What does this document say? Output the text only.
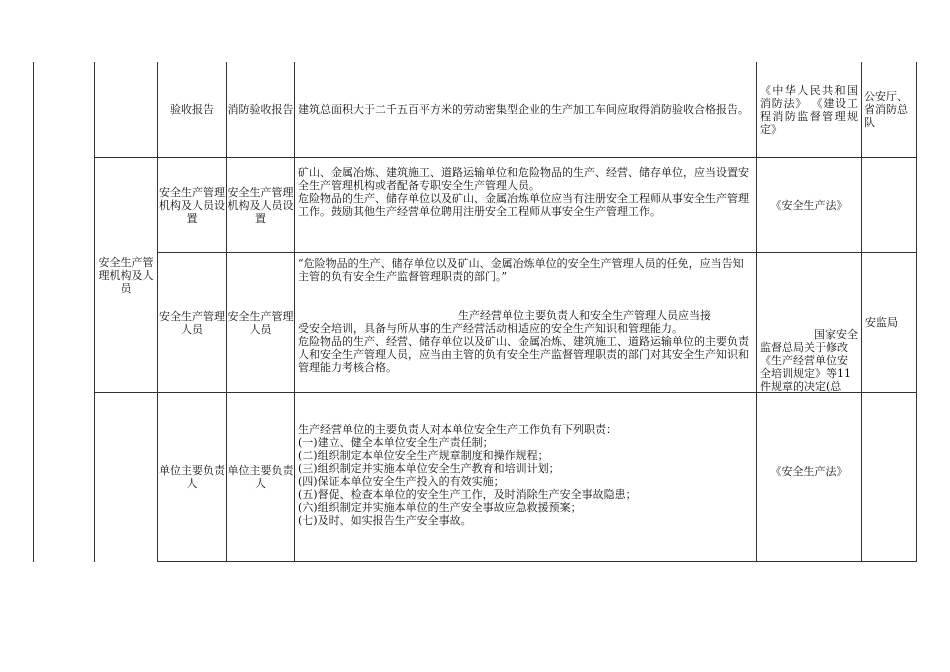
验收报告 消防验收报告 建筑总面积大于二千五百平方米的劳动密集型企业的生产加工车间应取得消防验收合格报告。
《中华人民共和国消防法》 《建设工程消防监督管理规定》
公安厅、省消防总队
安全生产管理机构及人员
安全生产管理机构及人员设置
安全生产管理机构及人员设置
矿山、金属冶炼、建筑施工、道路运输单位和危险物品的生产、经营、储存单位，应当设置安全生产管理机构或者配备专职安全生产管理人员。
危险物品的生产、储存单位以及矿山、金属冶炼单位应当有注册安全工程师从事安全生产管理工作。鼓励其他生产经营单位聘用注册安全工程师从事安全生产管理工作。	《安全生产法》
安全生产管理人员
安全生产管理人员
“危险物品的生产、储存单位以及矿山、金属冶炼单位的安全生产管理人员的任免，应当告知主管的负有安全生产监督管理职责的部门。”
生产经营单位主要负责人和安全生产管理人员应当接
受安全培训，具备与所从事的生产经营活动相适应的安全生产知识和管理能力。
危险物品的生产、经营、储存单位以及矿山、金属冶炼、建筑施工、道路运输单位的主要负责人和安全生产管理人员，应当由主管的负有安全生产监督管理职责的部门对其安全生产知识和管理能力考核合格。
国家安全
监督总局关于修改《生产经营单位安全培训规定》等11件规章的决定(总
安监局
单位主要负责人
单位主要负责人
生产经营单位的主要负责人对本单位安全生产工作负有下列职责：
(一)建立、健全本单位安全生产责任制；
(二)组织制定本单位安全生产规章制度和操作规程；
(三)组织制定并实施本单位安全生产教育和培训计划；
(四)保证本单位安全生产投入的有效实施；
(五)督促、检查本单位的安全生产工作，及时消除生产安全事故隐患；
(六)组织制定并实施本单位的生产安全事故应急救援预案；
(七)及时、如实报告生产安全事故。
《安全生产法》
